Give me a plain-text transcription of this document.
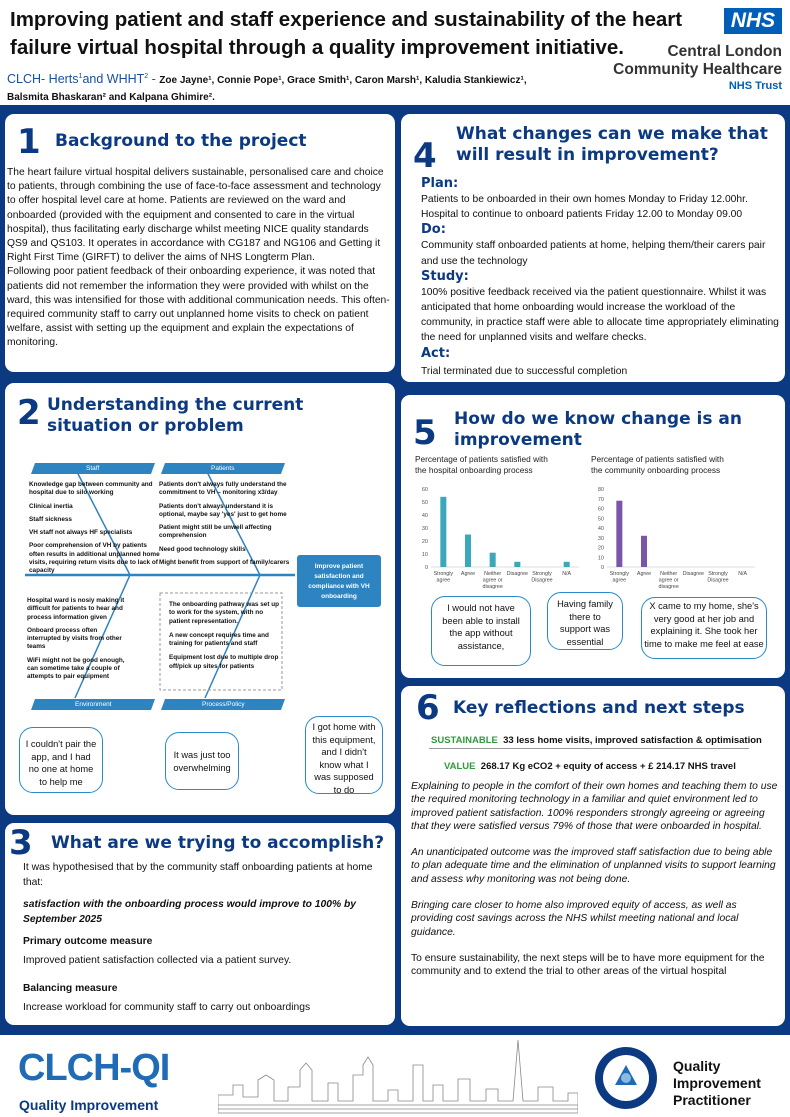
Improving patient and staff experience and sustainability of the heart
failure virtual hospital through a quality improvement initiative.
CLCH- Herts$^1$and WHHT$^2$ - Zoe Jayne¹, Connie Pope¹, Grace Smith¹, Caron Marsh¹, Kaludia Stankiewicz¹,
Balsmita Bhaskaran² and Kalpana Ghimire².
NHS
Central London
Community Healthcare
NHS Trust
1 Background to the project
The heart failure virtual hospital delivers sustainable, personalised care and choice to patients, through combining the use of face-to-face assessment and technology to offer hospital level care at home. Patients are reviewed on the ward and onboarded (provided with the equipment and consented to care in the virtual hospital), thus facilitating early discharge whilst meeting NICE quality standards QS9 and QS103. It operates in accordance with CG187 and NG106 and Getting it Right First Time (GIRFT) to deliver the aims of NHS Longterm Plan.
Following poor patient feedback of their onboarding experience, it was noted that patients did not remember the information they were provided with whilst on the ward, this was intensified for those with additional communication needs. This often-required community staff to carry out unplanned home visits to check on patient welfare, assist with setting up the equipment and explain the expectations of monitoring.
4
What changes can we make that
will result in improvement?
Plan:
Patients to be onboarded in their own homes Monday to Friday 12.00hr. Hospital to continue to onboard patients Friday 12.00 to Monday 09.00
Do:
Community staff onboarded patients at home, helping them/their carers pair and use the technology
Study:
100% positive feedback received via the patient questionnaire. Whilst it was anticipated that home onboarding would increase the workload of the community, in practice staff were able to allocate time appropriately eliminating the need for unplanned visits and welfare checks.
Act:
Trial terminated due to successful completion
2 Understanding the current
situation or problem
Staff	Patients
Environment	Process/Policy
Improve patient satisfaction and compliance with VH onboarding
Knowledge gap between community and hospital due to silo working
Clinical inertia
Staff sickness
VH staff not always HF specialists
Poor comprehension of VH by patients often results in additional unplanned home visits, requiring return visits due to lack of capacity
Patients don't always fully understand the commitment to VH – monitoring x3/day
Patients don't always understand it is optional, maybe say 'yes' just to get home
Patient might still be unwell affecting comprehension
Need good technology skills
Might benefit from support of family/carers
Hospital ward is nosiy making it difficult for patients to hear and process information given
Onboard process often interrupted by visits from other teams
WiFi might not be good enough, can sometime take a couple of attempts to pair equipment
The onboarding pathway was set up to work for the system, with no patient representation.
A new concept requires time and training for patients and staff
Equipment lost due to multiple drop off/pick up sites for patients
I couldn't pair the app, and I had no one at home to help me
It was just too overwhelming
I got home with this equipment, and I didn't know what I was supposed to do
5 How do we know change is an
improvement
Percentage of patients satisfied with
the hospital onboarding process
0
10
20
30
40
50
60
Strongly
agree
Agree Neither
agree or
disagree
Disagree Strongly
Disagree
N/A
Percentage of patients satisfied with
the community onboarding process
0
10
20
30
40
50
60
70
80
Strongly
agree
Agree Neither
agree or
disagree
Disagree Strongly
Disagree
N/A
I would not have been able to install the app without assistance,
Having family there to support was essential
X came to my home, she's very good at her job and explaining it. She took her time to make me feel at ease
3 What are we trying to accomplish?
It was hypothesised that by the community staff onboarding patients at home that:
satisfaction with the onboarding process would improve to 100% by September 2025
Primary outcome measure
Improved patient satisfaction collected via a patient survey.
Balancing measure
Increase workload for community staff to carry out onboardings
6 Key reflections and next steps
SUSTAINABLE 33 less home visits, improved satisfaction & optimisation
VALUE 268.17 Kg eCO2 + equity of access + £ 214.17 NHS travel
Explaining to people in the comfort of their own homes and teaching them to use the required monitoring technology in a familiar and quiet environment led to improved patient satisfaction. 100% responders strongly agreeing or agreeing that they were satisfied versus 79% of those that were onboarded in hospital.
An unanticipated outcome was the improved staff satisfaction due to being able to plan adequate time and the elimination of unplanned visits to support learning and assess why monitoring was not being done.
Bringing care closer to home also improved equity of access, as well as providing cost savings across the NHS whilst meeting national and local guidance.
To ensure sustainability, the next steps will be to have more equipment for the community and to extend the trial to other areas of the virtual hospital
CLCH-QI
Quality Improvement
Quality
Improvement
Practitioner
